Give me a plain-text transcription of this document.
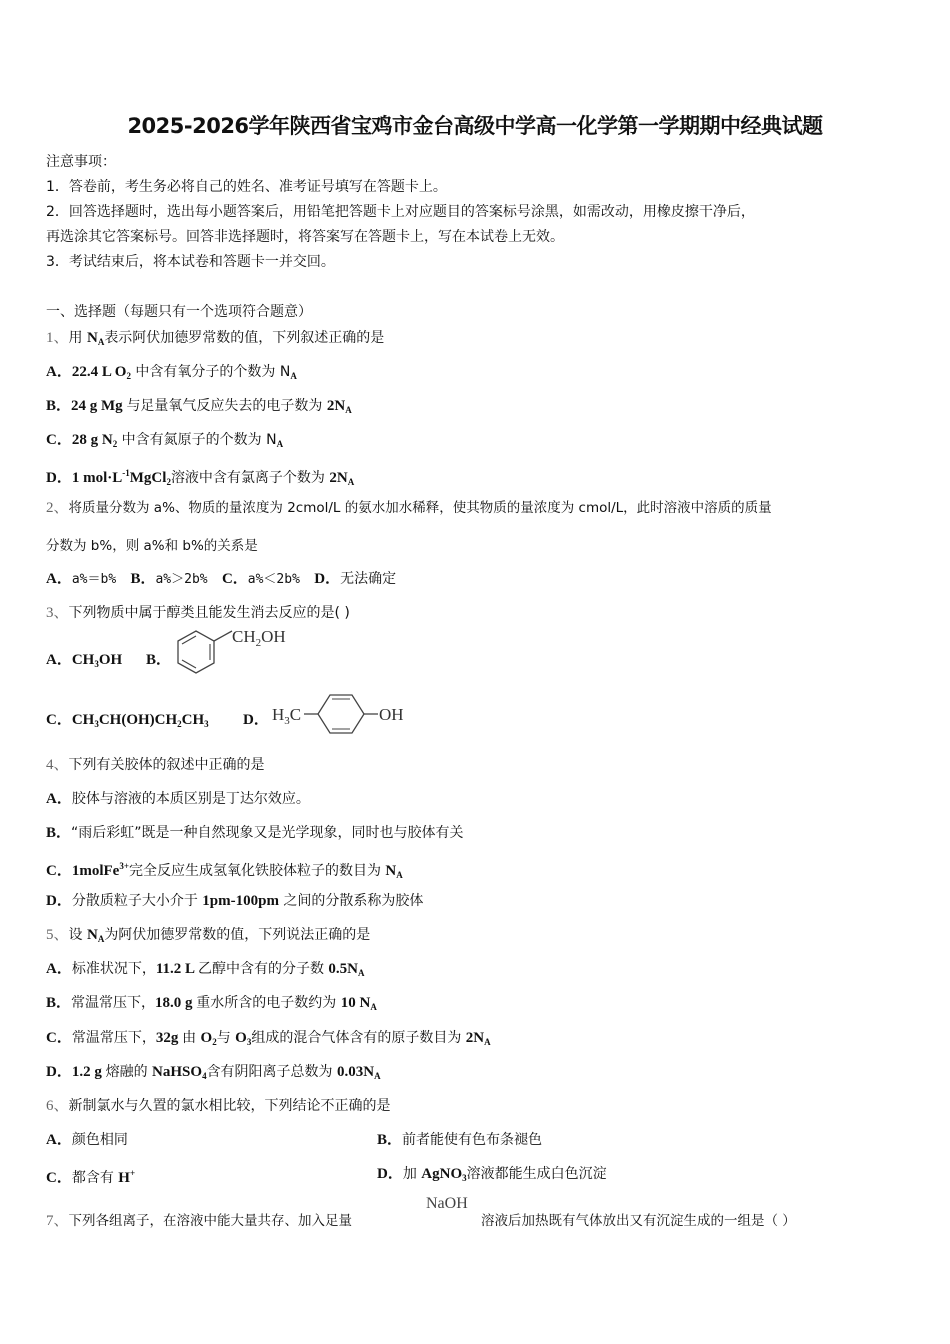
2025-2026学年陕西省宝鸡市金台高级中学高一化学第一学期期中经典试题
注意事项：
1．答卷前，考生务必将自己的姓名、准考证号填写在答题卡上。
2．回答选择题时，选出每小题答案后，用铅笔把答题卡上对应题目的答案标号涂黑，如需改动，用橡皮擦干净后，
再选涂其它答案标号。回答非选择题时，将答案写在答题卡上，写在本试卷上无效。
3．考试结束后，将本试卷和答题卡一并交回。
一、选择题（每题只有一个选项符合题意）
1、用 $N_A$表示阿伏加德罗常数的值，下列叙述正确的是
A．22.4 L $O_2$ 中含有氧分子的个数为 $N_A$
B．24 g Mg 与足量氧气反应失去的电子数为 $2N_A$
C．28 g $N_2$ 中含有氮原子的个数为 $N_A$
D．1 $mol\cdot L^{-1}MgCl_2$溶液中含有氯离子个数为 $2N_A$
2、将质量分数为 a%、物质的量浓度为 2cmol/L 的氨水加水稀释，使其物质的量浓度为 cmol/L，此时溶液中溶质的质量
分数为 b%，则 a%和 b%的关系是
A．a%＝b% B．a%＞2b% C．a%＜2b% D．无法确定
3、下列物质中属于醇类且能发生消去反应的是( )
A．$CH_3OH$ B．
$CH_2OH$
C．$CH_3CH(OH)CH_2CH_3$ D． $H_3C$	OH
4、下列有关胶体的叙述中正确的是
A．胶体与溶液的本质区别是丁达尔效应。
B．“雨后彩虹”既是一种自然现象又是光学现象，同时也与胶体有关
C．1molFe$^{3+}$完全反应生成氢氧化铁胶体粒子的数目为 $N_A$
D．分散质粒子大小介于 1pm-100pm 之间的分散系称为胶体
5、设 $N_A$为阿伏加德罗常数的值，下列说法正确的是
A．标准状况下，11.2 L 乙醇中含有的分子数 $0.5N_A$
B．常温常压下，18.0 g 重水所含的电子数约为 10 $N_A$
C．常温常压下，32g 由 $O_2$与 $O_3$组成的混合气体含有的原子数目为 $2N_A$
D．1.2 g 熔融的 NaHSO$_4$含有阴阳离子总数为 $0.03N_A$
6、新制氯水与久置的氯水相比较，下列结论不正确的是
A．颜色相同	B．前者能使有色布条褪色
C．都含有 H+	D．加 AgNO$_3$溶液都能生成白色沉淀
7、下列各组离子，在溶液中能大量共存、加入足量
NaOH
溶液后加热既有气体放出又有沉淀生成的一组是（ ）
